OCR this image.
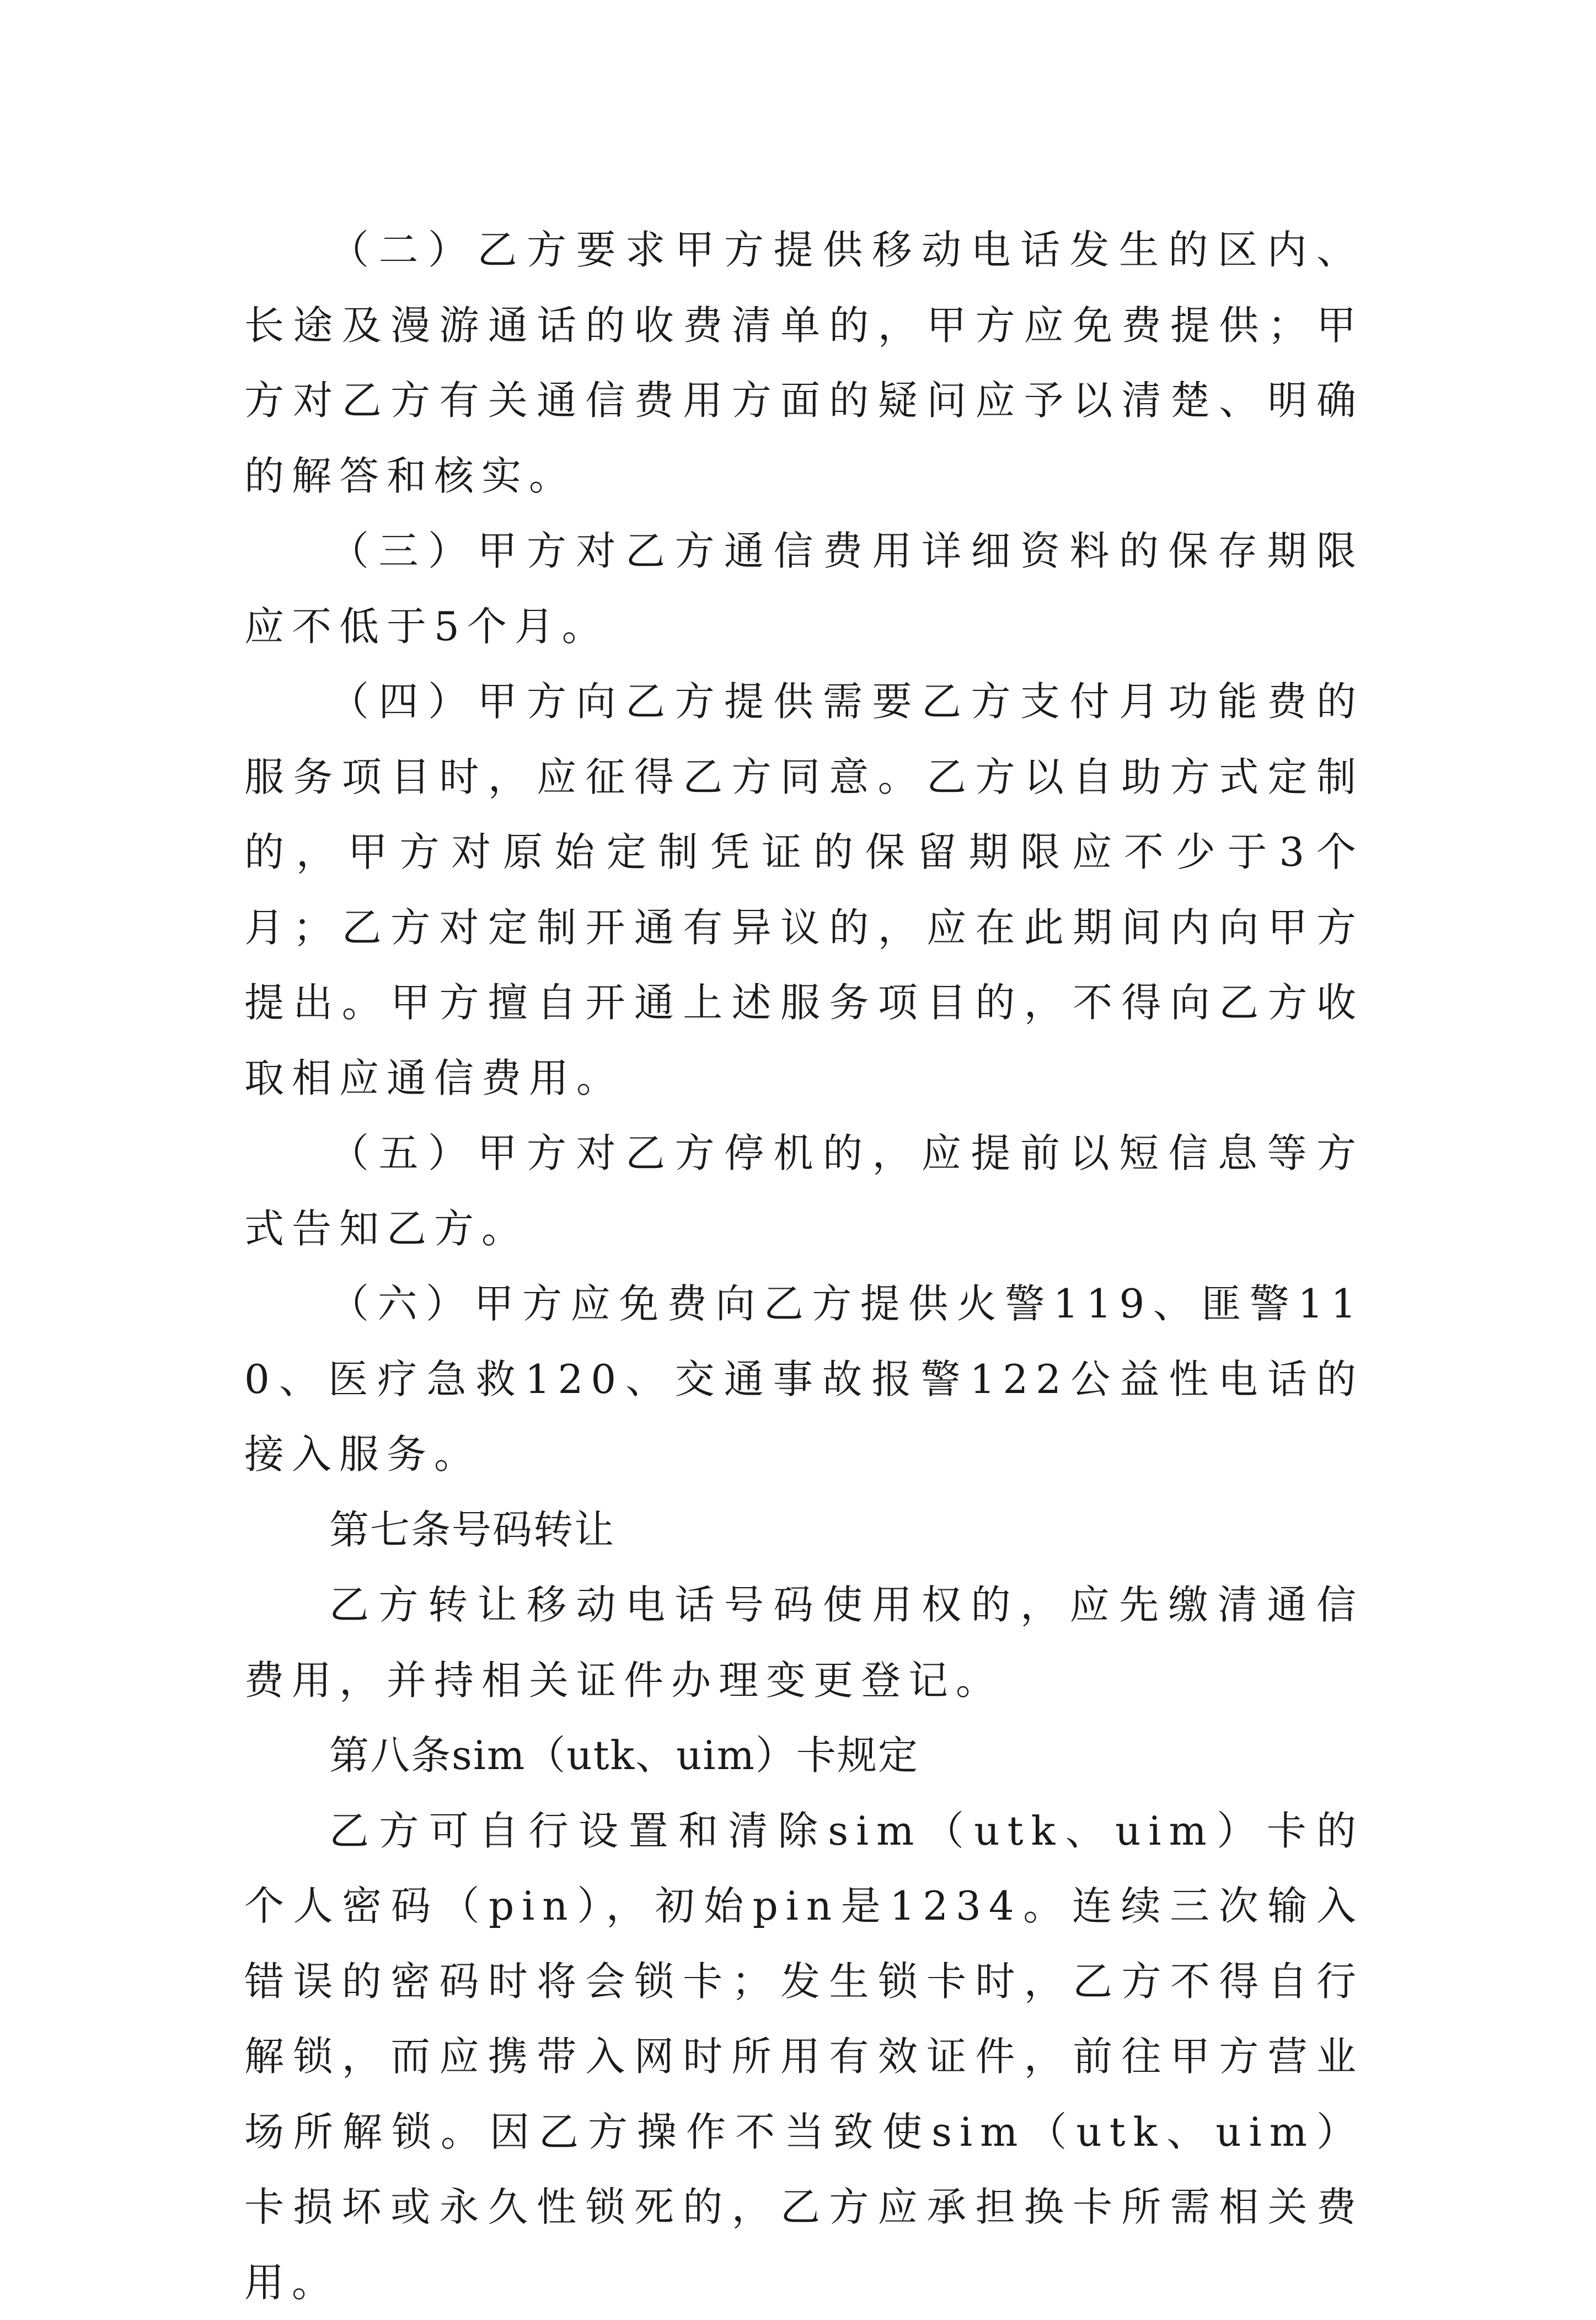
（二）乙方要求甲方提供移动电话发生的区内、长途及漫游通话的收费清单的，甲方应免费提供；甲方对乙方有关通信费用方面的疑问应予以清楚、明确的解答和核实。

（三）甲方对乙方通信费用详细资料的保存期限应不低于5个月。

（四）甲方向乙方提供需要乙方支付月功能费的服务项目时，应征得乙方同意。乙方以自助方式定制的，甲方对原始定制凭证的保留期限应不少于3个月；乙方对定制开通有异议的，应在此期间内向甲方提出。甲方擅自开通上述服务项目的，不得向乙方收取相应通信费用。

（五）甲方对乙方停机的，应提前以短信息等方式告知乙方。

（六）甲方应免费向乙方提供火警119、匪警110、医疗急救120、交通事故报警122公益性电话的接入服务。

第七条号码转让

乙方转让移动电话号码使用权的，应先缴清通信费用，并持相关证件办理变更登记。

第八条sim（utk、uim）卡规定

乙方可自行设置和清除sim（utk、uim）卡的个人密码（pin），初始pin是1234。连续三次输入错误的密码时将会锁卡；发生锁卡时，乙方不得自行解锁，而应携带入网时所用有效证件，前往甲方营业场所解锁。因乙方操作不当致使sim（utk、uim）卡损坏或永久性锁死的，乙方应承担换卡所需相关费用。
